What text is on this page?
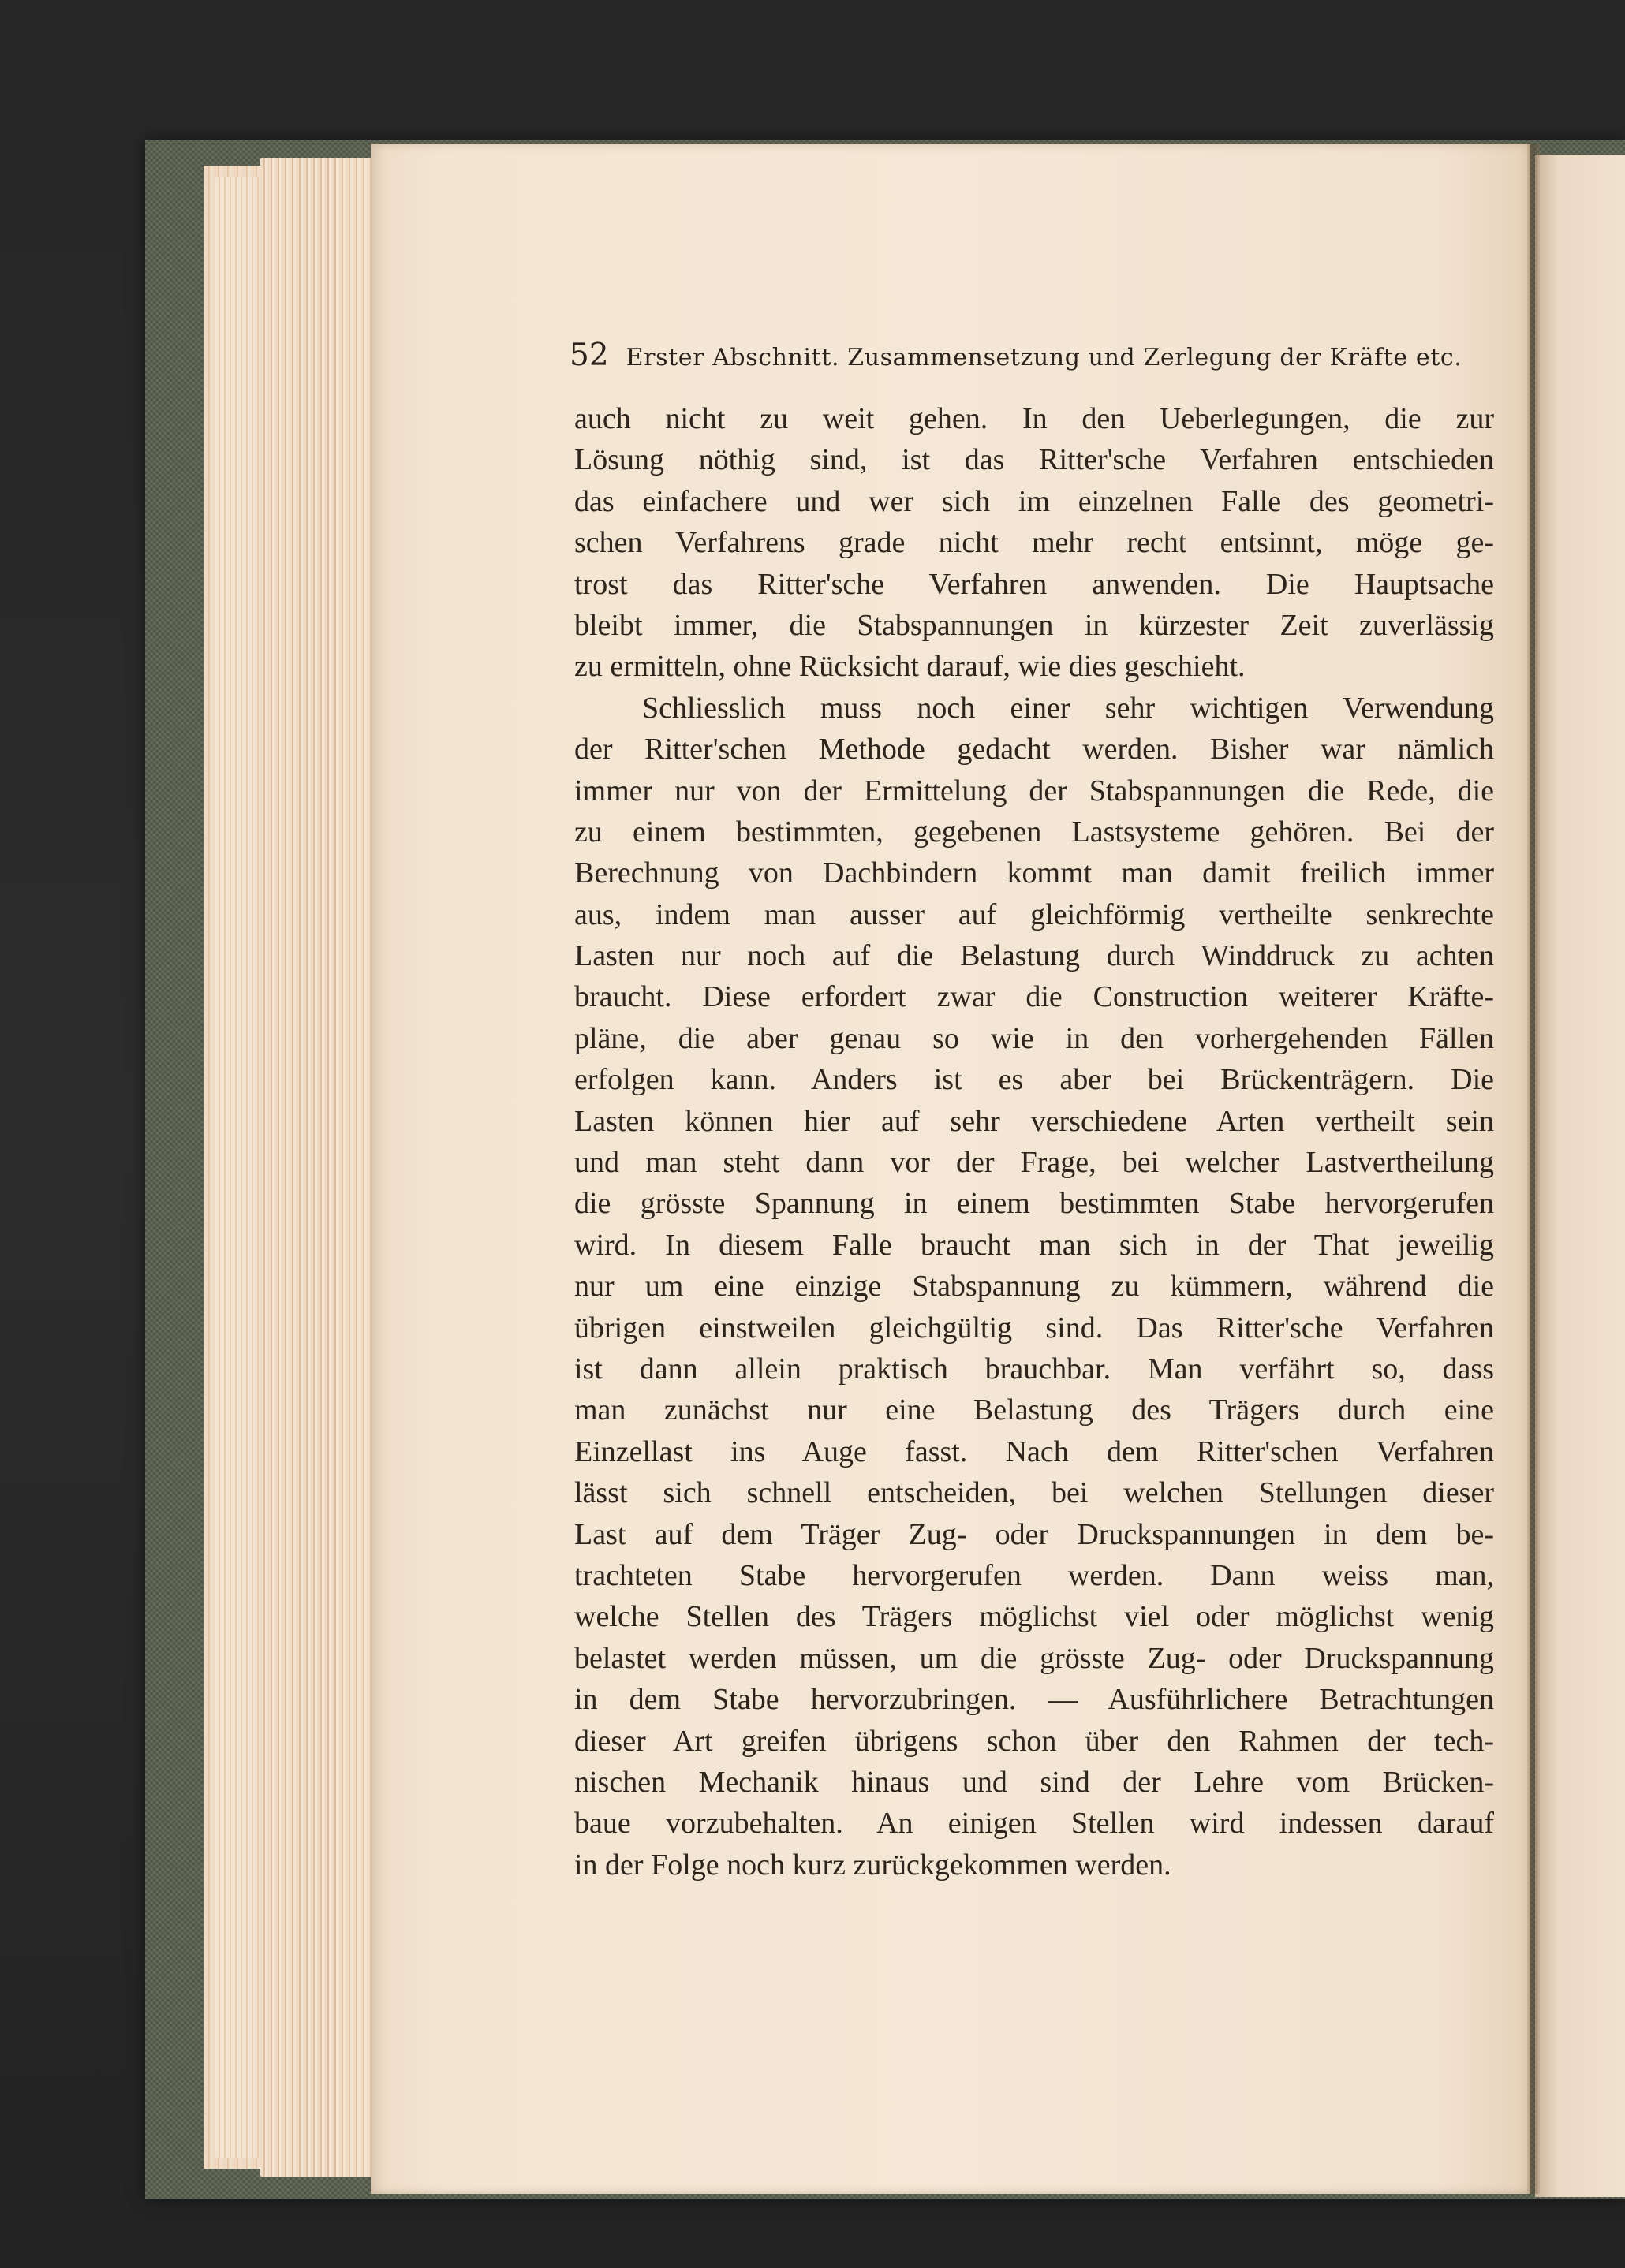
52 Erster Abschnitt. Zusammensetzung und Zerlegung der Kräfte etc.
auch nicht zu weit gehen. In den Ueberlegungen, die zur
Lösung nöthig sind, ist das Ritter'sche Verfahren entschieden
das einfachere und wer sich im einzelnen Falle des geometri-
schen Verfahrens grade nicht mehr recht entsinnt, möge ge-
trost das Ritter'sche Verfahren anwenden. Die Hauptsache
bleibt immer, die Stabspannungen in kürzester Zeit zuverlässig
zu ermitteln, ohne Rücksicht darauf, wie dies geschieht.
Schliesslich muss noch einer sehr wichtigen Verwendung
der Ritter'schen Methode gedacht werden. Bisher war nämlich
immer nur von der Ermittelung der Stabspannungen die Rede, die
zu einem bestimmten, gegebenen Lastsysteme gehören. Bei der
Berechnung von Dachbindern kommt man damit freilich immer
aus, indem man ausser auf gleichförmig vertheilte senkrechte
Lasten nur noch auf die Belastung durch Winddruck zu achten
braucht. Diese erfordert zwar die Construction weiterer Kräfte-
pläne, die aber genau so wie in den vorhergehenden Fällen
erfolgen kann. Anders ist es aber bei Brückenträgern. Die
Lasten können hier auf sehr verschiedene Arten vertheilt sein
und man steht dann vor der Frage, bei welcher Lastvertheilung
die grösste Spannung in einem bestimmten Stabe hervorgerufen
wird. In diesem Falle braucht man sich in der That jeweilig
nur um eine einzige Stabspannung zu kümmern, während die
übrigen einstweilen gleichgültig sind. Das Ritter'sche Verfahren
ist dann allein praktisch brauchbar. Man verfährt so, dass
man zunächst nur eine Belastung des Trägers durch eine
Einzellast ins Auge fasst. Nach dem Ritter'schen Verfahren
lässt sich schnell entscheiden, bei welchen Stellungen dieser
Last auf dem Träger Zug- oder Druckspannungen in dem be-
trachteten Stabe hervorgerufen werden. Dann weiss man,
welche Stellen des Trägers möglichst viel oder möglichst wenig
belastet werden müssen, um die grösste Zug- oder Druckspannung
in dem Stabe hervorzubringen. — Ausführlichere Betrachtungen
dieser Art greifen übrigens schon über den Rahmen der tech-
nischen Mechanik hinaus und sind der Lehre vom Brücken-
baue vorzubehalten. An einigen Stellen wird indessen darauf
in der Folge noch kurz zurückgekommen werden.
